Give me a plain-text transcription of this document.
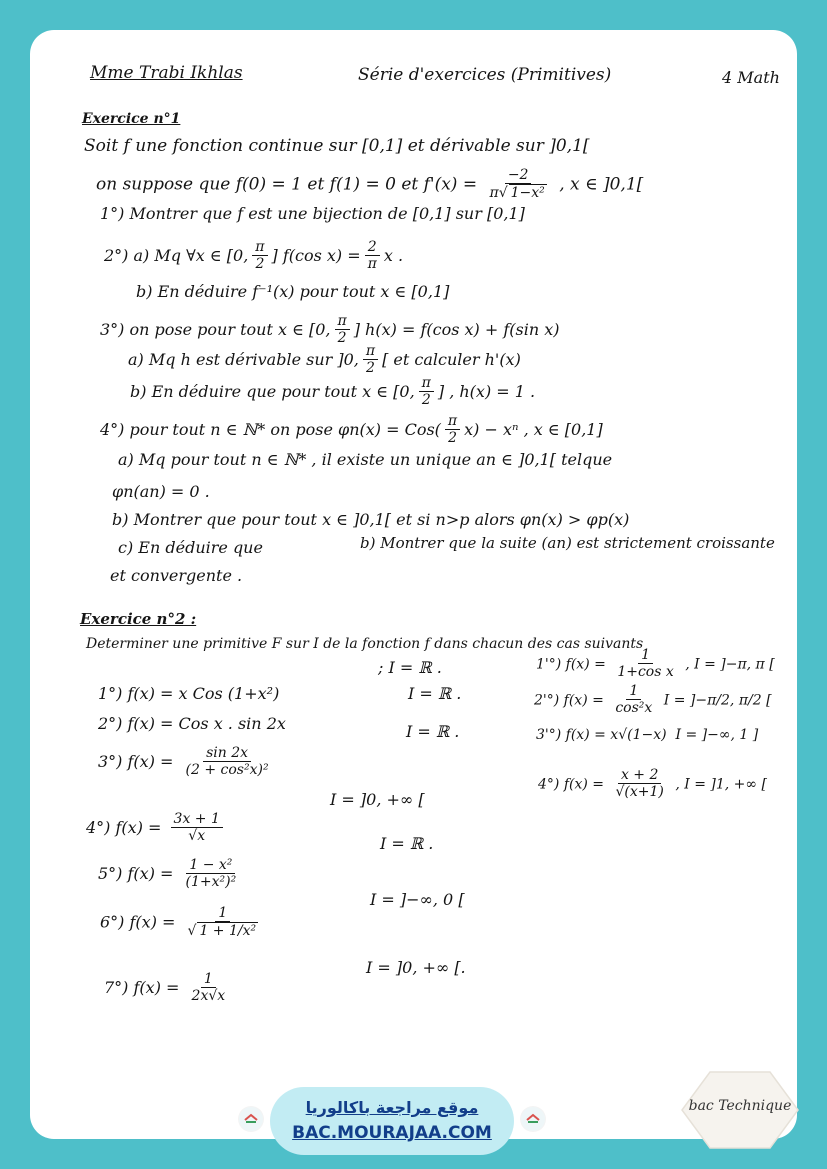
Mme Trabi Ikhlas	Série d'exercices (Primitives)	4 Math
Exercice n°1
Soit f une fonction continue sur [0,1] et dérivable sur ]0,1[
on suppose que f(0) = 1 et f(1) = 0 et $f'(x) = \frac{-2}{\text{π√ 1−x²}}$ , x ∈ ]0,1[
1°) Montrer que f est une bijection de [0,1] sur [0,1]
2°) a) Mq ∀x ∈ [0, $\frac{\pi}{2}$ ] f(cos $x) = \frac{2}{\pi}$ x .
b) En déduire f⁻¹(x) pour tout x ∈ [0,1]
3°) on pose pour tout x ∈ [0, $\frac{\pi}{2}$ ] h(x) = f(cos x) + f(sin x)
a) Mq h est dérivable sur ]0, $\frac{\pi}{2}$ [ et calculer h'(x)
b) En déduire que pour tout x ∈ [0, $\frac{\pi}{2}$ ] , h(x) = 1 .
4°) pour tout n ∈ ℕ* on pose $\varphi n(x) = Cos( \frac{\pi}{2} x) - x^n$ , x ∈ [0,1]
a) Mq pour tout n ∈ ℕ* , il existe un unique an ∈ ]0,1[ telque
φn(an) = 0 .
b) Montrer que pour tout x ∈ ]0,1[ et si n>p alors φn(x) > φp(x)
c) En déduire que	b) Montrer que la suite (an) est strictement croissante
et convergente .
Exercice n°2 :
Determiner une primitive F sur I de la fonction f dans chacun des cas suivants
1°) f(x) = x Cos (1+x²)
; I = ℝ .
2°) f(x) = Cos x . sin 2x
I = ℝ .
3°) $f(x) = \frac{\sin 2x}{\text{(2 + cos²x)²}}$
I = ℝ .
4°) $f(x) = \frac{3x + 1}{√x}$
I = ]0, +∞ [
5°) $f(x) = \frac{\text{1 − x²}}{\text{(1+x²)²}}$
I = ℝ .
6°) $f(x) = \frac{1}{\text{√ 1 + 1/x²}}$
I = ]−∞, 0 [
7°) $f(x) = \frac{1}{2x√x}$
I = ]0, +∞ [.
1'°) $f(x) = \frac{1}{\text{1+cos x}}$ , I = ]−π, π [
2'°) $f(x) = \frac{1}{\text{cos²x}}$ I = ]−π/2, π/2 [
3'°) f(x) = x√(1−x) I = ]−∞, 1 ]
4°) $f(x) = \frac{x + 2}{√(x+1)}$ , I = ]1, +∞ [
موقع مراجعة باكالوريا
BAC.MOURAJAA.COM
bac Technique
